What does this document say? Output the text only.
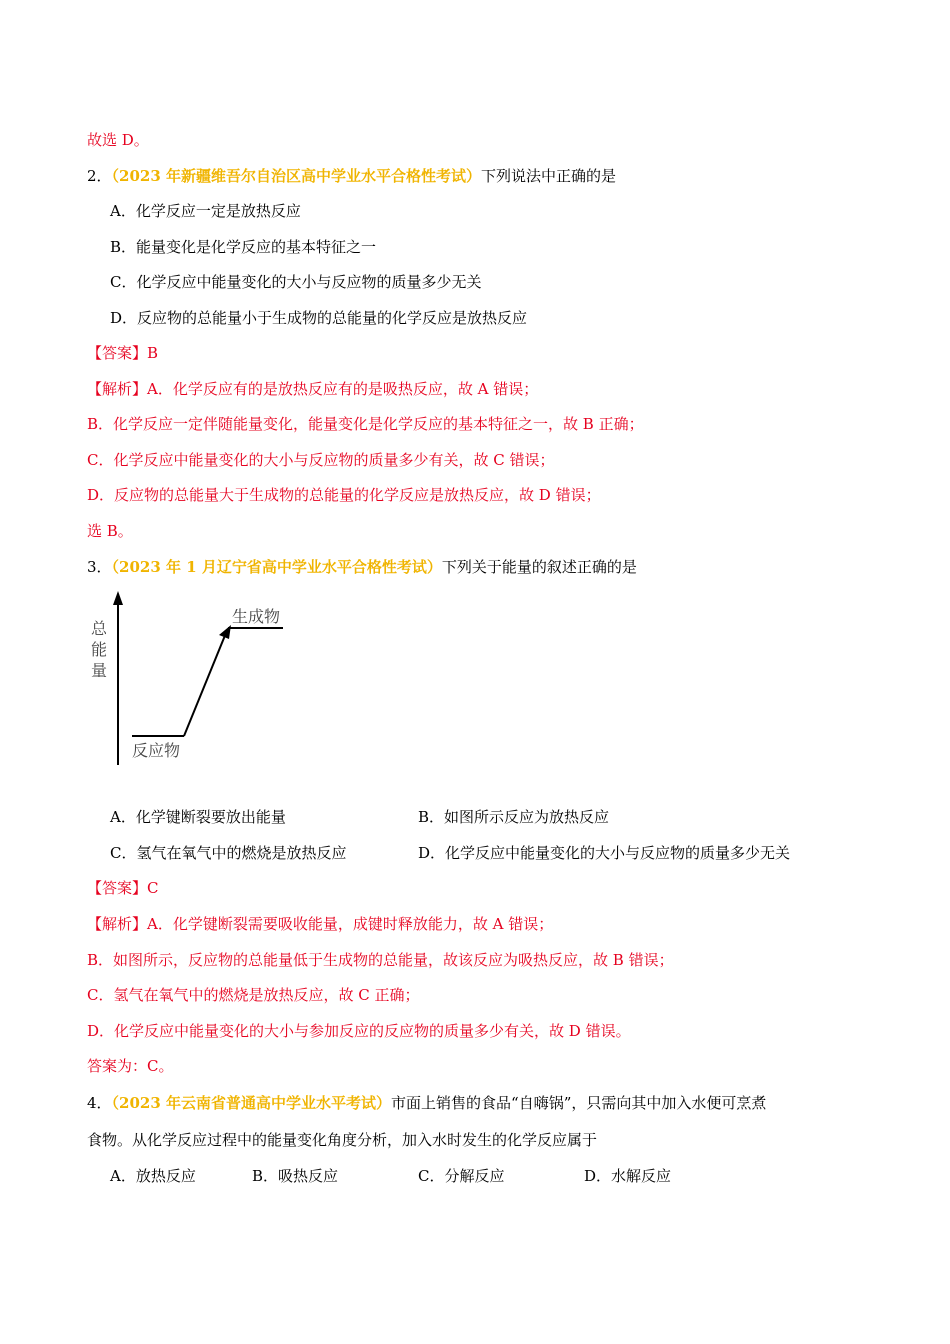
故选 D。
2．（2023 年新疆维吾尔自治区高中学业水平合格性考试）下列说法中正确的是
A．化学反应一定是放热反应
B．能量变化是化学反应的基本特征之一
C．化学反应中能量变化的大小与反应物的质量多少无关
D．反应物的总能量小于生成物的总能量的化学反应是放热反应
【答案】B
【解析】A．化学反应有的是放热反应有的是吸热反应，故 A 错误；
B．化学反应一定伴随能量变化，能量变化是化学反应的基本特征之一，故 B 正确；
C．化学反应中能量变化的大小与反应物的质量多少有关，故 C 错误；
D．反应物的总能量大于生成物的总能量的化学反应是放热反应，故 D 错误；
选 B。
3．（2023 年 1 月辽宁省高中学业水平合格性考试）下列关于能量的叙述正确的是
总
能
量
生成物
反应物
A．化学键断裂要放出能量	B．如图所示反应为放热反应
C．氢气在氧气中的燃烧是放热反应	D．化学反应中能量变化的大小与反应物的质量多少无关
【答案】C
【解析】A．化学键断裂需要吸收能量，成键时释放能力，故 A 错误；
B．如图所示，反应物的总能量低于生成物的总能量，故该反应为吸热反应，故 B 错误；
C．氢气在氧气中的燃烧是放热反应，故 C 正确；
D．化学反应中能量变化的大小与参加反应的反应物的质量多少有关，故 D 错误。
答案为：C。
4．（2023 年云南省普通高中学业水平考试）市面上销售的食品“自嗨锅”，只需向其中加入水便可烹煮
食物。从化学反应过程中的能量变化角度分析，加入水时发生的化学反应属于
A．放热反应	B．吸热反应	C．分解反应	D．水解反应
